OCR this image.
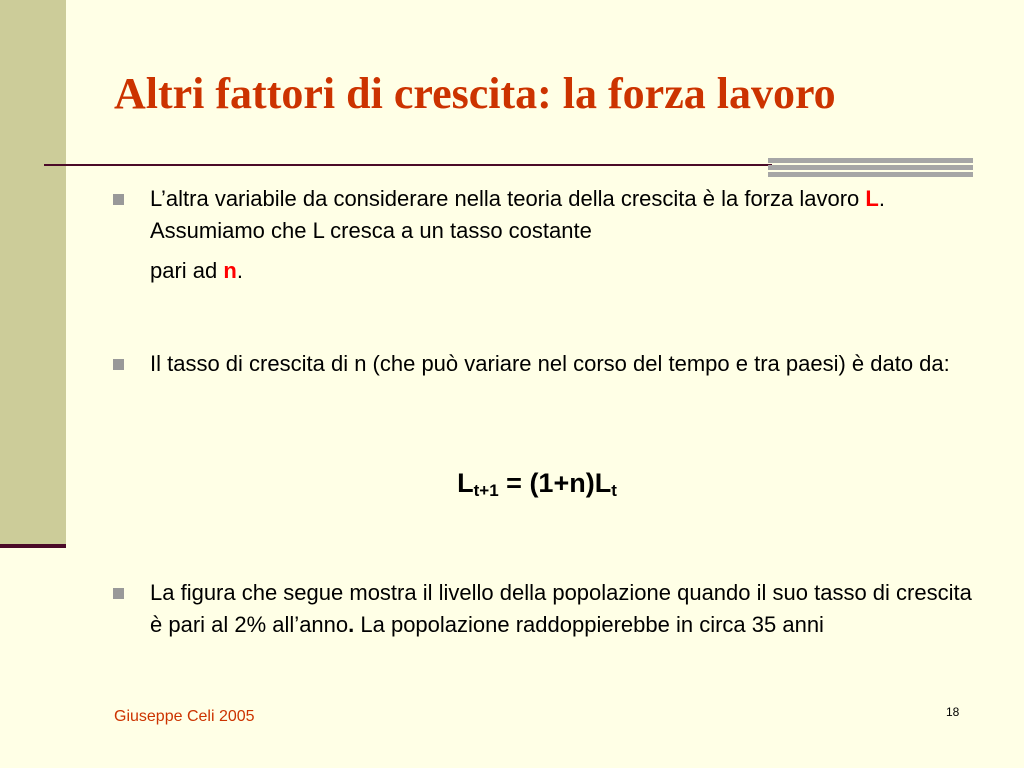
Altri fattori di crescita: la forza lavoro
L’altra variabile da considerare nella teoria della crescita è la forza lavoro L. Assumiamo che L cresca a un tasso costante
pari ad n.
Il tasso di crescita di n (che può variare nel corso del tempo e tra paesi) è dato da:
$L_{t+1} = (1+n)L_t$
La figura che segue mostra il livello della popolazione quando il suo tasso di crescita è pari al 2% all’anno. La popolazione raddoppierebbe in circa 35 anni
Giuseppe Celi 2005	18
